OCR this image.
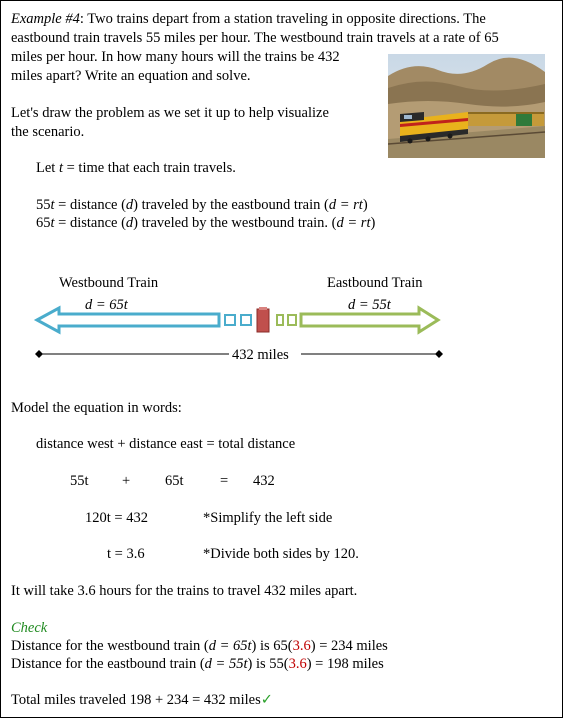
Example #4: Two trains depart from a station traveling in opposite directions. The
eastbound train travels 55 miles per hour. The westbound train travels at a rate of 65
miles per hour. In how many hours will the trains be 432
miles apart? Write an equation and solve.
Let's draw the problem as we set it up to help visualize
the scenario.
Let t = time that each train travels.
55t = distance (d) traveled by the eastbound train (d = rt)
65t = distance (d) traveled by the westbound train. (d = rt)
Westbound Train	Eastbound Train
d = 65t	d = 55t
432 miles
Model the equation in words:
distance west + distance east = total distance
55t + 65t	= 432
120t = 432	*Simplify the left side
t = 3.6	*Divide both sides by 120.
It will take 3.6 hours for the trains to travel 432 miles apart.
Check
Distance for the westbound train (d = 65t) is 65(3.6) = 234 miles
Distance for the eastbound train (d = 55t) is 55(3.6) = 198 miles
Total miles traveled 198 + 234 = 432 miles✓
